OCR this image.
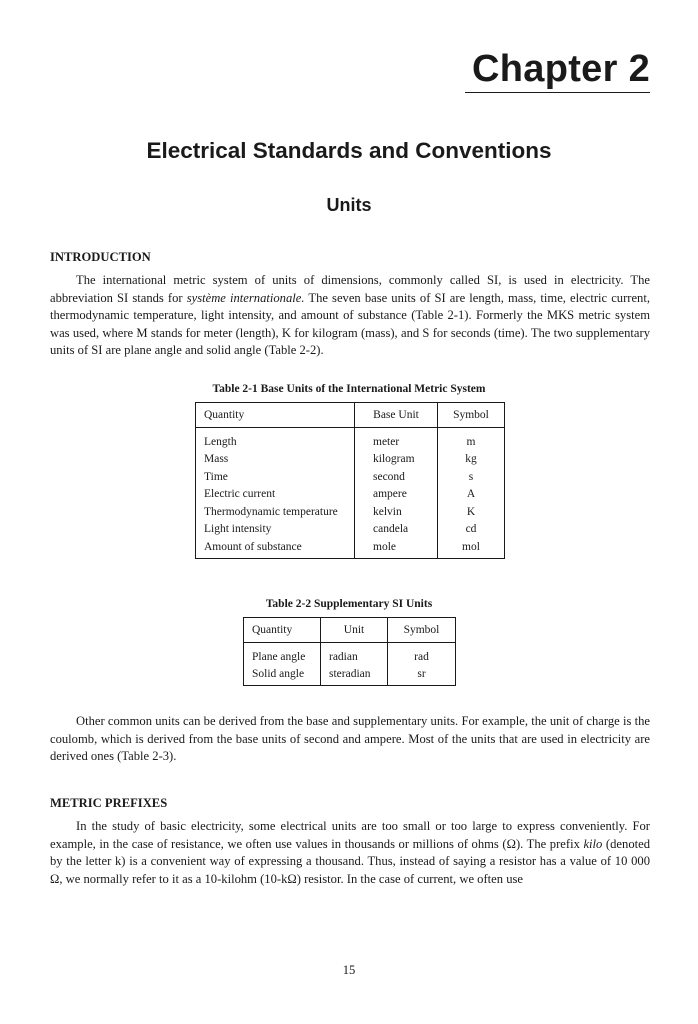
Chapter 2
Electrical Standards and Conventions
Units
INTRODUCTION
The international metric system of units of dimensions, commonly called SI, is used in electricity. The abbreviation SI stands for système internationale. The seven base units of SI are length, mass, time, electric current, thermodynamic temperature, light intensity, and amount of substance (Table 2-1). Formerly the MKS metric system was used, where M stands for meter (length), K for kilogram (mass), and S for seconds (time). The two supplementary units of SI are plane angle and solid angle (Table 2-2).
Table 2-1 Base Units of the International Metric System
Quantity	Base Unit	Symbol
Length	meter	m
Mass	kilogram	kg
Time	second	s
Electric current	ampere	A
Thermodynamic temperature	kelvin	K
Light intensity	candela	cd
Amount of substance	mole	mol
Table 2-2 Supplementary SI Units
Quantity	Unit	Symbol
Plane angle	radian	rad
Solid angle	steradian	sr
Other common units can be derived from the base and supplementary units. For example, the unit of charge is the coulomb, which is derived from the base units of second and ampere. Most of the units that are used in electricity are derived ones (Table 2-3).
METRIC PREFIXES
In the study of basic electricity, some electrical units are too small or too large to express conveniently. For example, in the case of resistance, we often use values in thousands or millions of ohms (Ω). The prefix kilo (denoted by the letter k) is a convenient way of expressing a thousand. Thus, instead of saying a resistor has a value of 10 000 Ω, we normally refer to it as a 10-kilohm (10-kΩ) resistor. In the case of current, we often use
15
